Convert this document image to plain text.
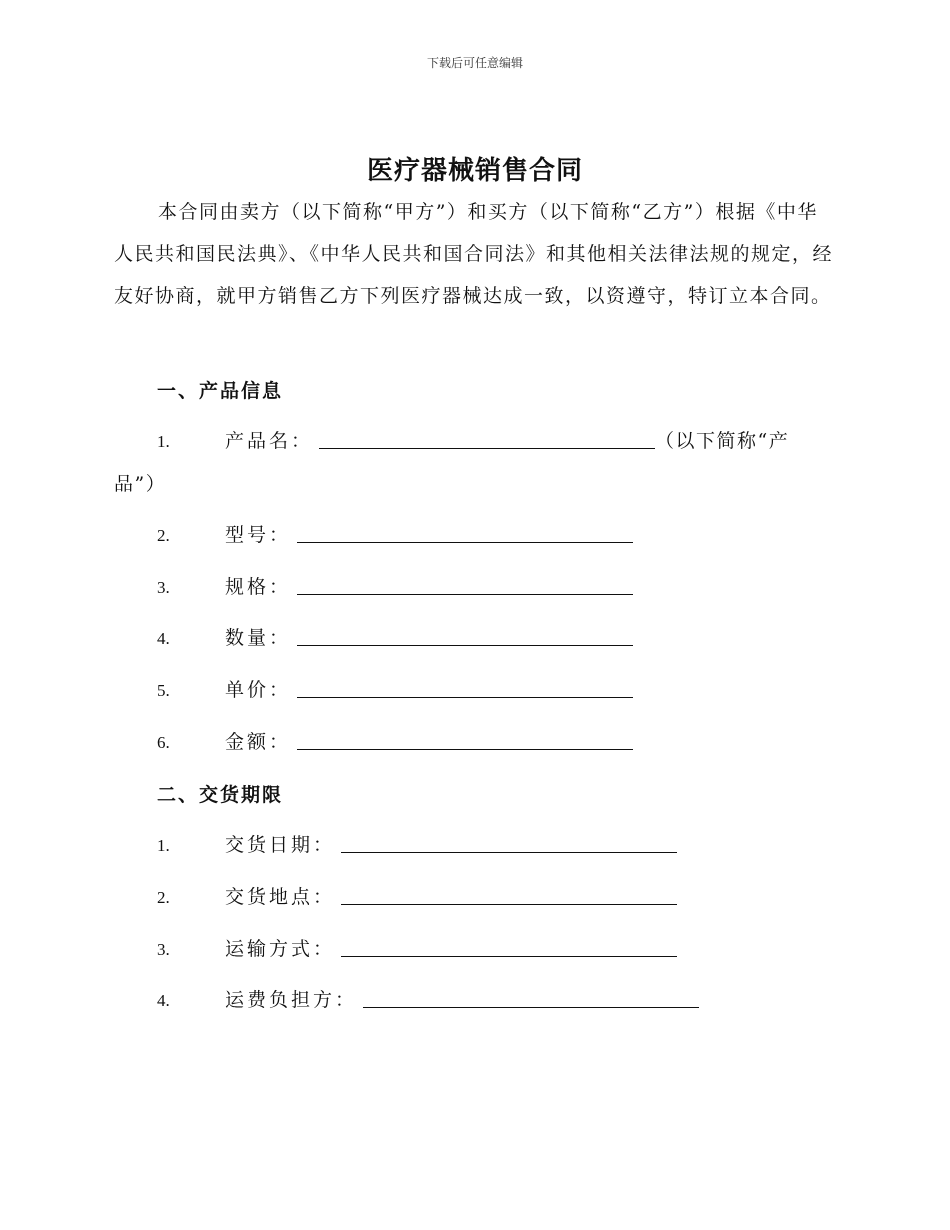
下载后可任意编辑
医疗器械销售合同

本合同由卖方（以下简称“甲方”）和买方（以下简称“乙方”）根据《中华人民共和国民法典》、《中华人民共和国合同法》和其他相关法律法规的规定，经友好协商，就甲方销售乙方下列医疗器械达成一致，以资遵守，特订立本合同。

一、产品信息
1.	产品名：	（以下简称“产
品”）
2.	型号：
3.	规格：
4.	数量：
5.	单价：
6.	金额：
二、交货期限
1.	交货日期：
2.	交货地点：
3.	运输方式：
4.	运费负担方：
